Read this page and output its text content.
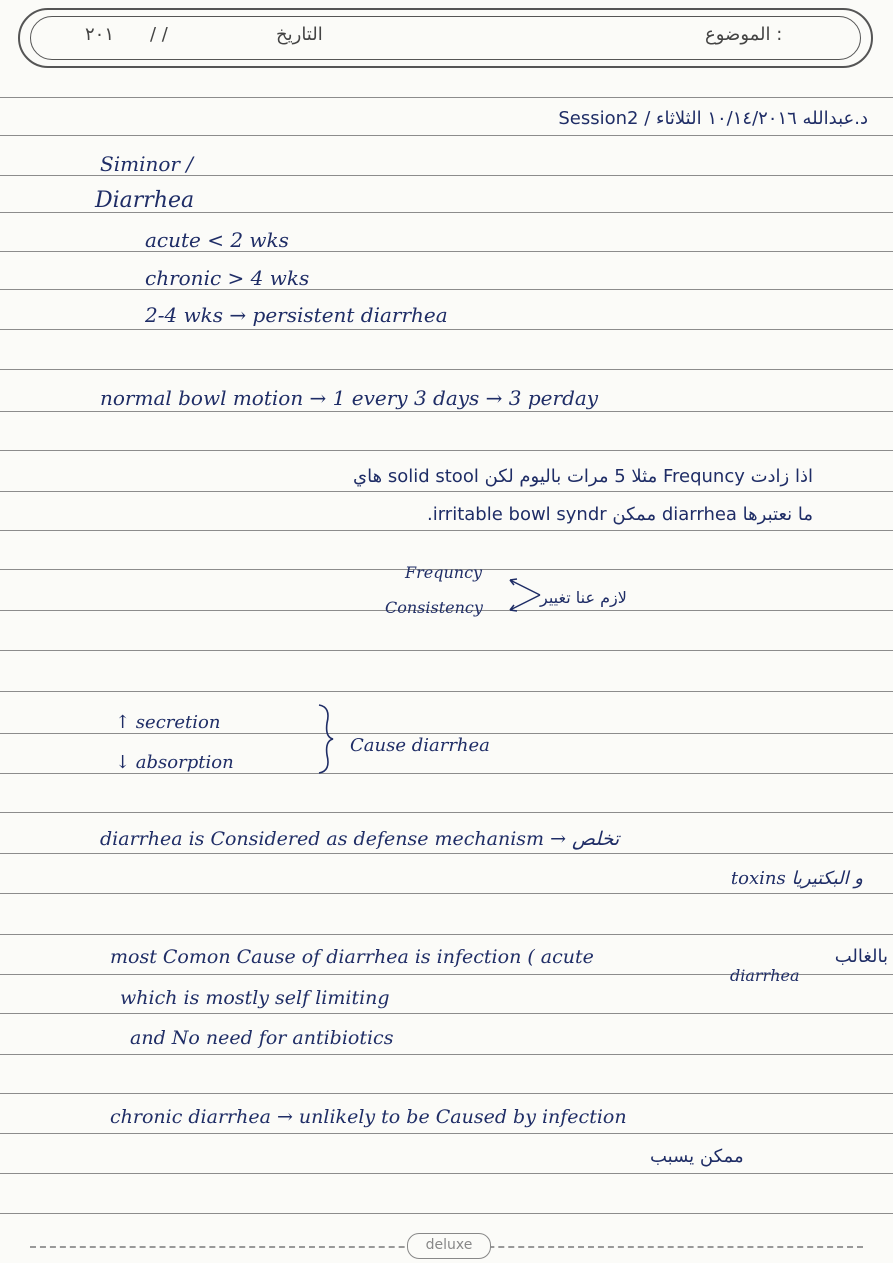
٢٠١ / /	التاريخ	الموضوع :
د.عبدالله ١٠/١٤/٢٠١٦ الثلاثاء / Session2
Siminor /
Diarrhea
acute < 2 wks
chronic > 4 wks
2-4 wks → persistent diarrhea
normal bowl motion → 1 every 3 days → 3 perday
اذا زادت Frequncy مثلا 5 مرات باليوم لكن solid stool هاي
ما نعتبرها diarrhea ممكن irritable bowl syndr.
Frequncy
Consistency
لازم عنا تغيير
↑ secretion
↓ absorption
Cause diarrhea
diarrhea is Considered as defense mechanism → تخلص
toxins و البكتيريا
most Comon Cause of diarrhea is infection ( acute	بالغالب
diarrhea
which is mostly self limiting
and No need for antibiotics
chronic diarrhea → unlikely to be Caused by infection
ممكن يسبب
deluxe
